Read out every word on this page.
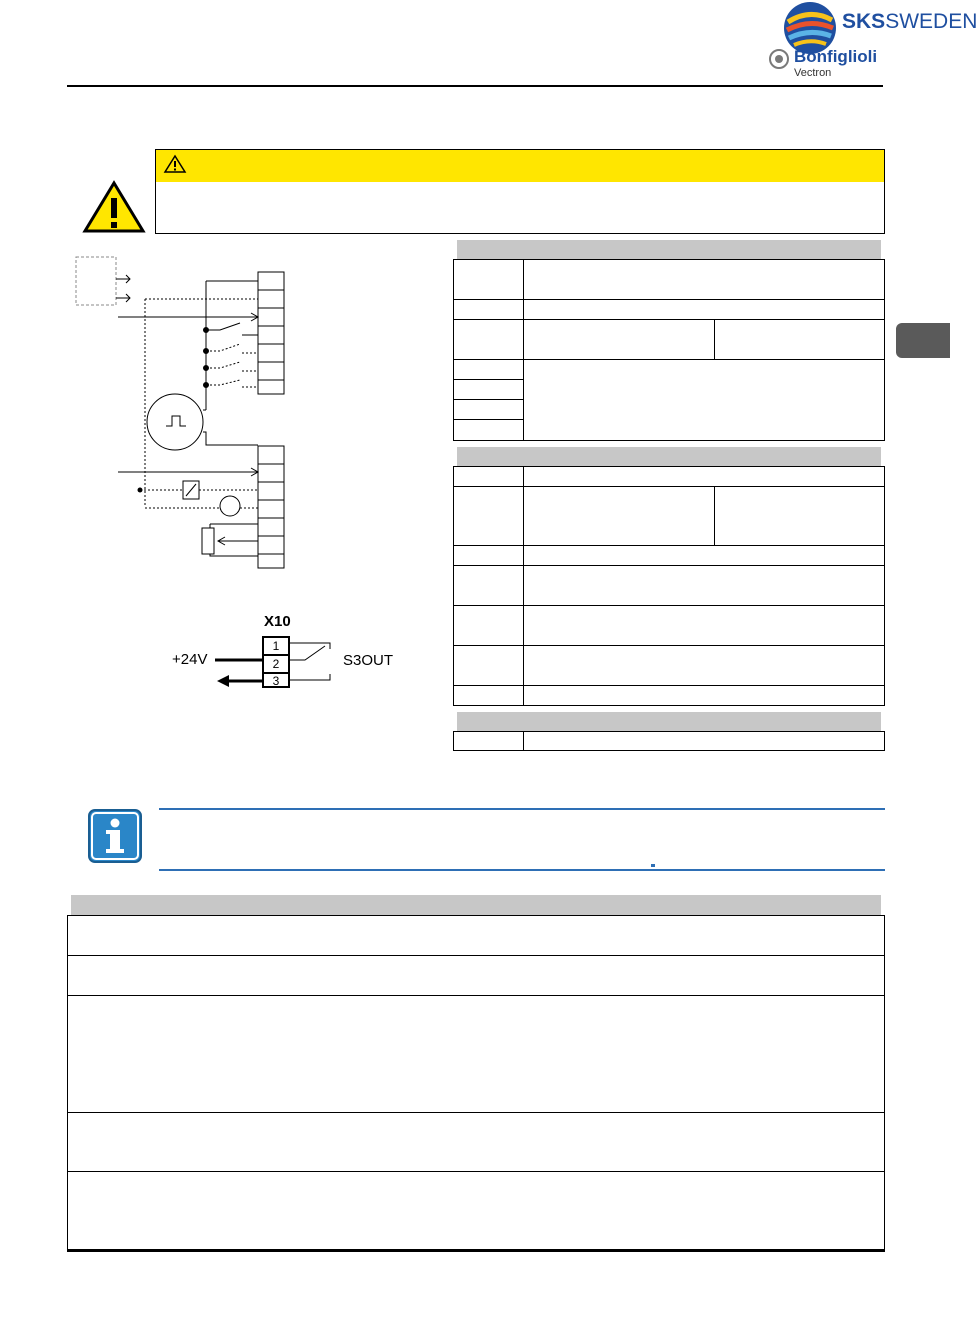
SKSSWEDEN
Bonfiglioli
Vectron
X10
+24V	S3OUT
1
2
3
